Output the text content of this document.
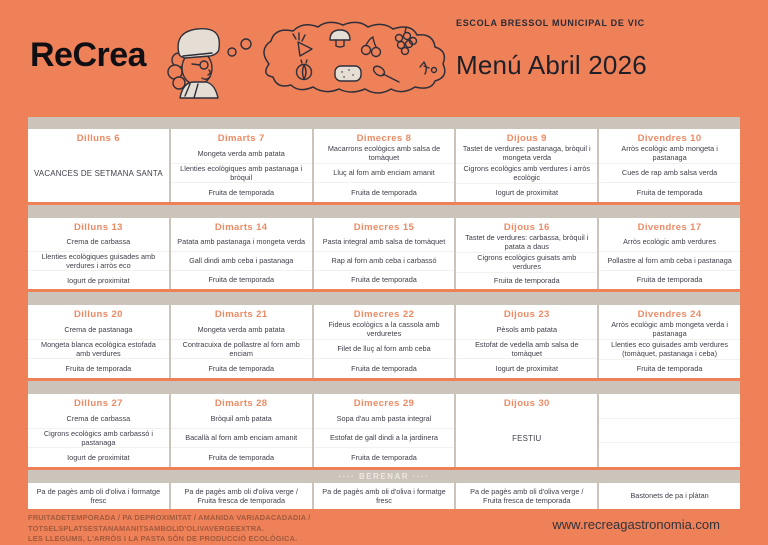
ReCrea
ESCOLA BRESSOL MUNICIPAL DE VIC
Menú Abril 2026
Dilluns 6
VACANCES DE SETMANA SANTA
Dimarts 7
Mongeta verda amb patata
Llenties ecològiques amb pastanaga i bròquil
Fruita de temporada
Dimecres 8
Macarrons ecològics amb salsa de tomàquet
Lluç al forn amb enciam amanit
Fruita de temporada
Dijous 9
Tastet de verdures: pastanaga, bròquil i mongeta verda
Cigrons ecològics amb verdures i arròs ecològic
Iogurt de proximitat
Divendres 10
Arròs ecològic amb mongeta i pastanaga
Cues de rap amb salsa verda
Fruita de temporada
Dilluns 13
Crema de carbassa
Llenties ecològiques guisades amb verdures i arròs eco
Iogurt de proximitat
Dimarts 14
Patata amb pastanaga i mongeta verda
Gall dindi amb ceba i pastanaga
Fruita de temporada
Dimecres 15
Pasta integral amb salsa de tomàquet
Rap al forn amb ceba i carbassó
Fruita de temporada
Dijous 16
Tastet de verdures: carbassa, bròquil i patata a daus
Cigrons ecològics guisats amb verdures
Fruita de temporada
Divendres 17
Arròs ecològic amb verdures
Pollastre al forn amb ceba i pastanaga
Fruita de temporada
Dilluns 20
Crema de pastanaga
Mongeta blanca ecològica estofada amb verdures
Fruita de temporada
Dimarts 21
Mongeta verda amb patata
Contracuixa de pollastre al forn amb enciam
Fruita de temporada
Dimecres 22
Fideus ecològics a la cassola amb verduretes
Filet de lluç al forn amb ceba
Fruita de temporada
Dijous 23
Pèsols amb patata
Estofat de vedella amb salsa de tomàquet
Iogurt de proximitat
Divendres 24
Arròs ecològic amb mongeta verda i pastanaga
Llenties eco guisades amb verdures (tomàquet, pastanaga i ceba)
Fruita de temporada
Dilluns 27
Crema de carbassa
Cigrons ecològics amb carbassó i pastanaga
Iogurt de proximitat
Dimarts 28
Bròquil amb patata
Bacallà al forn amb enciam amanit
Fruita de temporada
Dimecres 29
Sopa d'au amb pasta integral
Estofat de gall dindi a la jardinera
Fruita de temporada
Dijous 30
FESTIU
···· BERENAR ····
Pa de pagès amb oli d'oliva i formatge fresc
Pa de pagès amb oli d'oliva verge / Fruita fresca de temporada
Pa de pagès amb oli d'oliva i formatge fresc
Pa de pagès amb oli d'oliva verge / Fruita fresca de temporada
Bastonets de pa i plàtan
FRUITADETEMPORADA / PA DEPROXIMITAT / AMANIDA VARIADACADADIA / TOTSELSPLATSESTANAMANITSAMBOLID'OLIVAVERGEEXTRA.
LES LLEGUMS, L'ARRÒS I LA PASTA SÓN DE PRODUCCIÓ ECOLÒGICA.
www.recreagastronomia.com
